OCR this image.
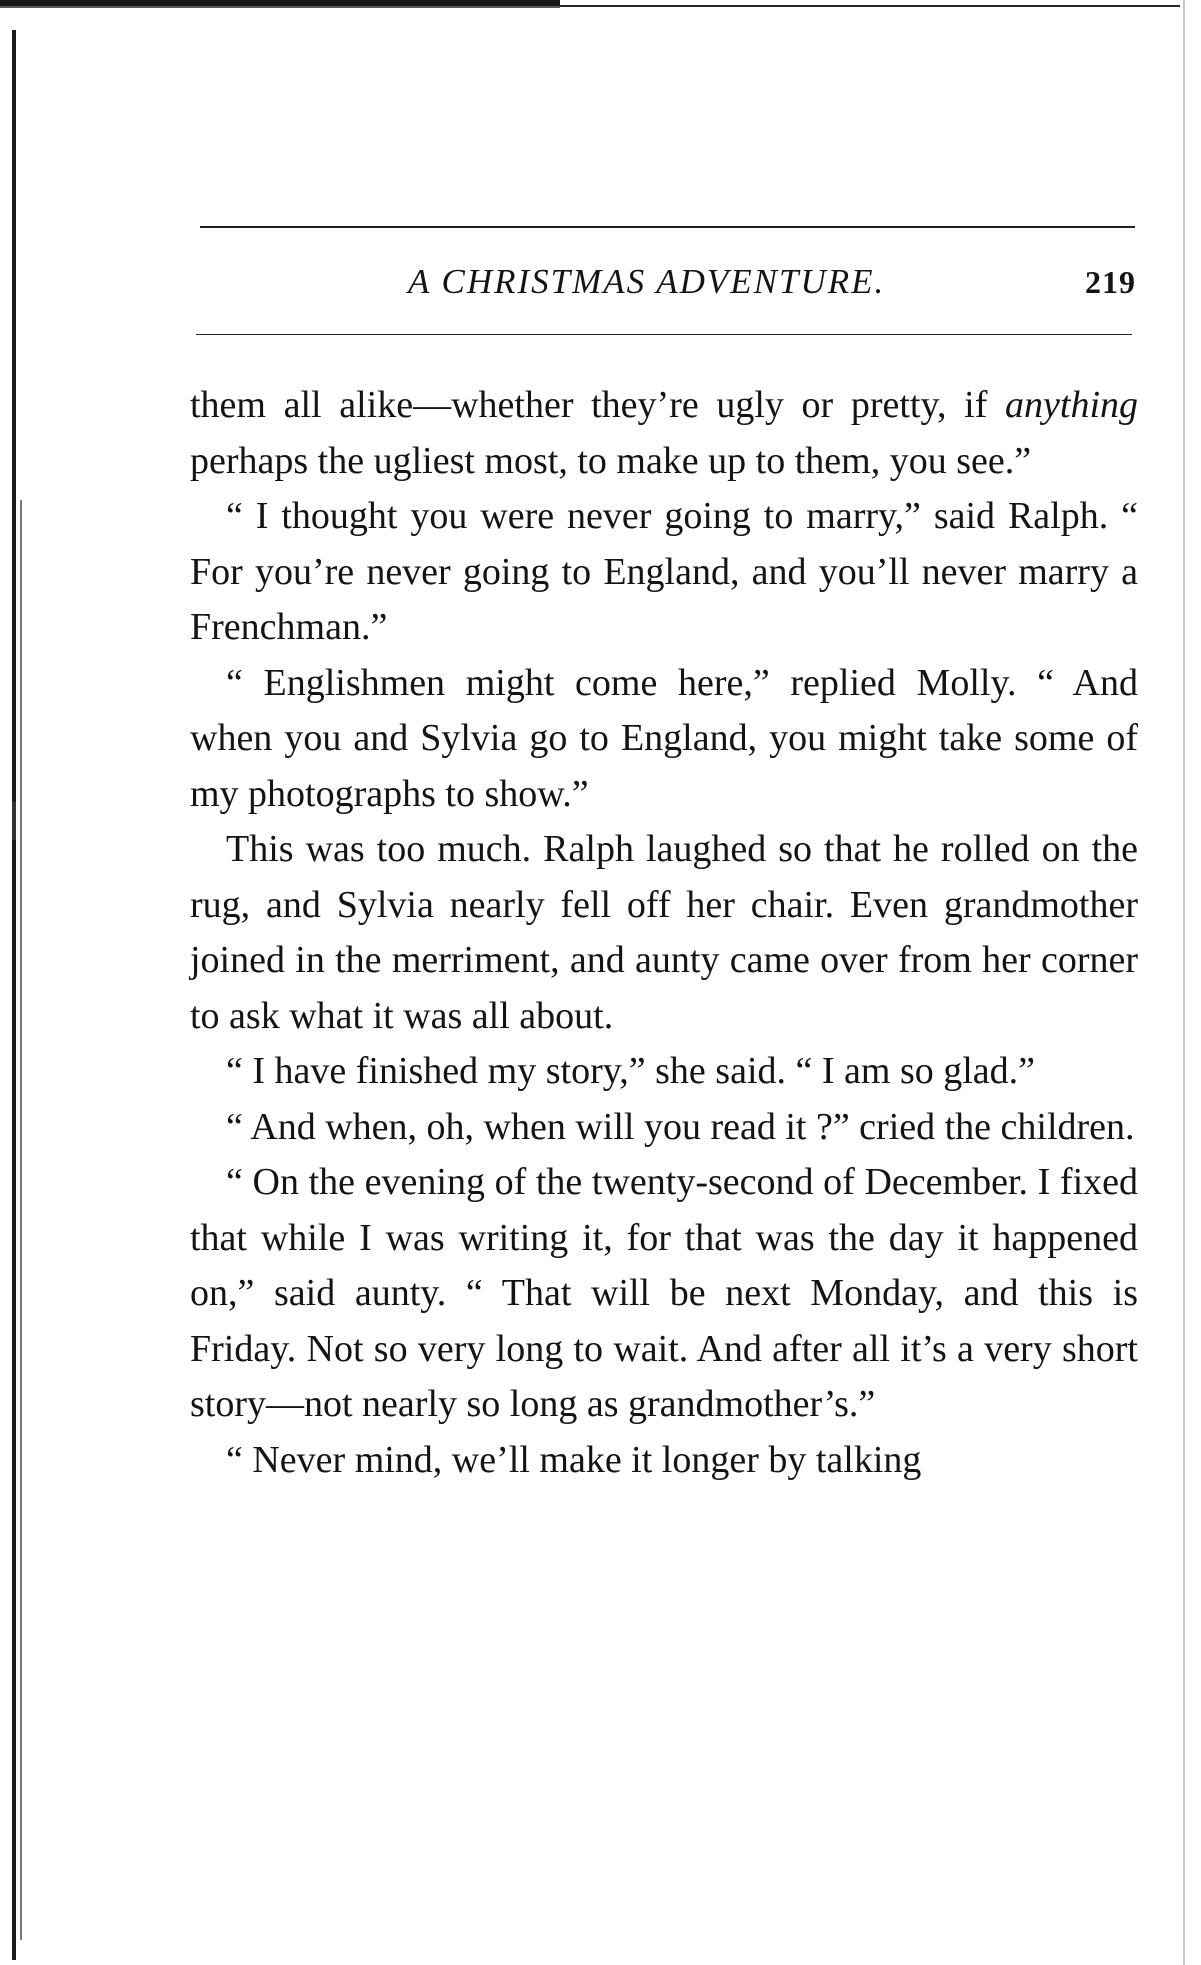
A CHRISTMAS ADVENTURE.	219

them all alike—whether they’re ugly or pretty, if anything perhaps the ugliest most, to make up to them, you see.”

“ I thought you were never going to marry,” said Ralph. “ For you’re never going to England, and you’ll never marry a Frenchman.”

“ Englishmen might come here,” replied Molly. “ And when you and Sylvia go to England, you might take some of my photographs to show.”

This was too much. Ralph laughed so that he rolled on the rug, and Sylvia nearly fell off her chair. Even grandmother joined in the merriment, and aunty came over from her corner to ask what it was all about.

“ I have finished my story,” she said. “ I am so glad.”

“ And when, oh, when will you read it ?” cried the children.

“ On the evening of the twenty-second of December. I fixed that while I was writing it, for that was the day it happened on,” said aunty. “ That will be next Monday, and this is Friday. Not so very long to wait. And after all it’s a very short story—not nearly so long as grandmother’s.”

“ Never mind, we’ll make it longer by talking
